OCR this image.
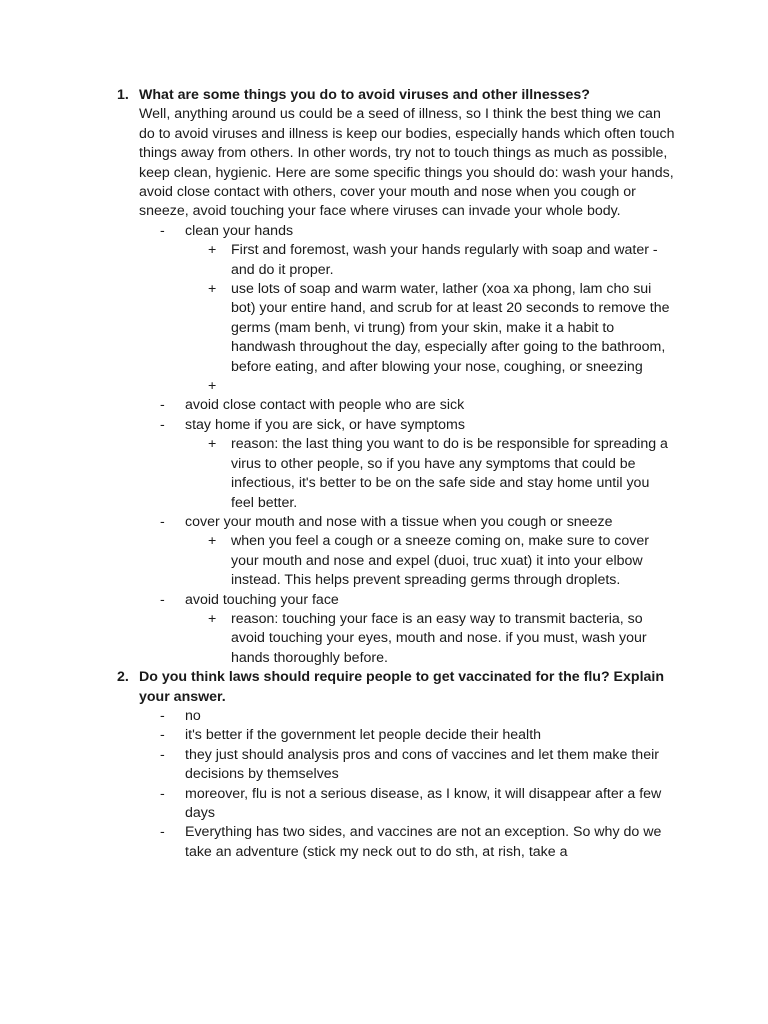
1. What are some things you do to avoid viruses and other illnesses?

Well, anything around us could be a seed of illness, so I think the best thing we can do to avoid viruses and illness is keep our bodies, especially hands which often touch things away from others. In other words, try not to touch things as much as possible, keep clean, hygienic. Here are some specific things you should do: wash your hands, avoid close contact with others, cover your mouth and nose when you cough or sneeze, avoid touching your face where viruses can invade your whole body.

- clean your hands
+ First and foremost, wash your hands regularly with soap and water - and do it proper.
+ use lots of soap and warm water, lather (xoa xa phong, lam cho sui bot) your entire hand, and scrub for at least 20 seconds to remove the germs (mam benh, vi trung) from your skin, make it a habit to handwash throughout the day, especially after going to the bathroom, before eating, and after blowing your nose, coughing, or sneezing
+
- avoid close contact with people who are sick
- stay home if you are sick, or have symptoms
+ reason: the last thing you want to do is be responsible for spreading a virus to other people, so if you have any symptoms that could be infectious, it's better to be on the safe side and stay home until you feel better.
- cover your mouth and nose with a tissue when you cough or sneeze
+ when you feel a cough or a sneeze coming on, make sure to cover your mouth and nose and expel (duoi, truc xuat) it into your elbow instead. This helps prevent spreading germs through droplets.
- avoid touching your face
+ reason: touching your face is an easy way to transmit bacteria, so avoid touching your eyes, mouth and nose. if you must, wash your hands thoroughly before.
2. Do you think laws should require people to get vaccinated for the flu? Explain your answer.
- no
- it's better if the government let people decide their health
- they just should analysis pros and cons of vaccines and let them make their decisions by themselves
- moreover, flu is not a serious disease, as I know, it will disappear after a few days
- Everything has two sides, and vaccines are not an exception. So why do we take an adventure (stick my neck out to do sth, at rish, take a
